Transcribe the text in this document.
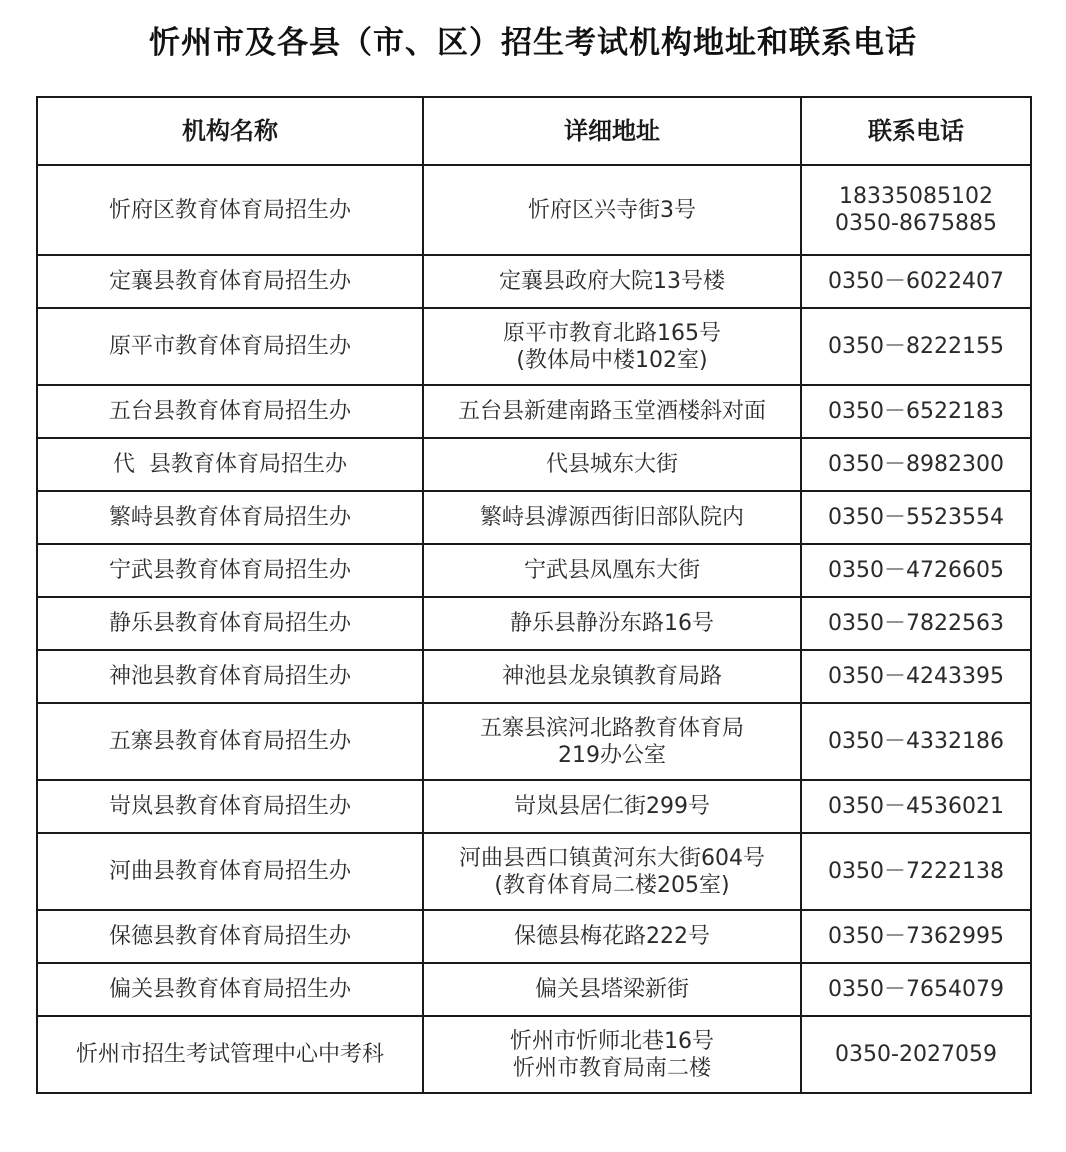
忻州市及各县（市、区）招生考试机构地址和联系电话
机构名称	详细地址	联系电话
忻府区教育体育局招生办	忻府区兴寺街3号	18335085102
0350-8675885

定襄县教育体育局招生办	定襄县政府大院13号楼	0350－6022407

原平市教育体育局招生办	原平市教育北路165号
(教体局中楼102室)	0350－8222155

五台县教育体育局招生办	五台县新建南路玉堂酒楼斜对面	0350－6522183

代  县教育体育局招生办	代县城东大街	0350－8982300

繁峙县教育体育局招生办	繁峙县滹源西街旧部队院内	0350－5523554

宁武县教育体育局招生办	宁武县凤凰东大街	0350－4726605

静乐县教育体育局招生办	静乐县静汾东路16号	0350－7822563

神池县教育体育局招生办	神池县龙泉镇教育局路	0350－4243395

五寨县教育体育局招生办	五寨县滨河北路教育体育局
219办公室	0350－4332186

岢岚县教育体育局招生办	岢岚县居仁街299号	0350－4536021

河曲县教育体育局招生办	河曲县西口镇黄河东大街604号
(教育体育局二楼205室)	0350－7222138

保德县教育体育局招生办	保德县梅花路222号	0350－7362995

偏关县教育体育局招生办	偏关县塔梁新街	0350－7654079

忻州市招生考试管理中心中考科	忻州市忻师北巷16号
忻州市教育局南二楼	0350-2027059
